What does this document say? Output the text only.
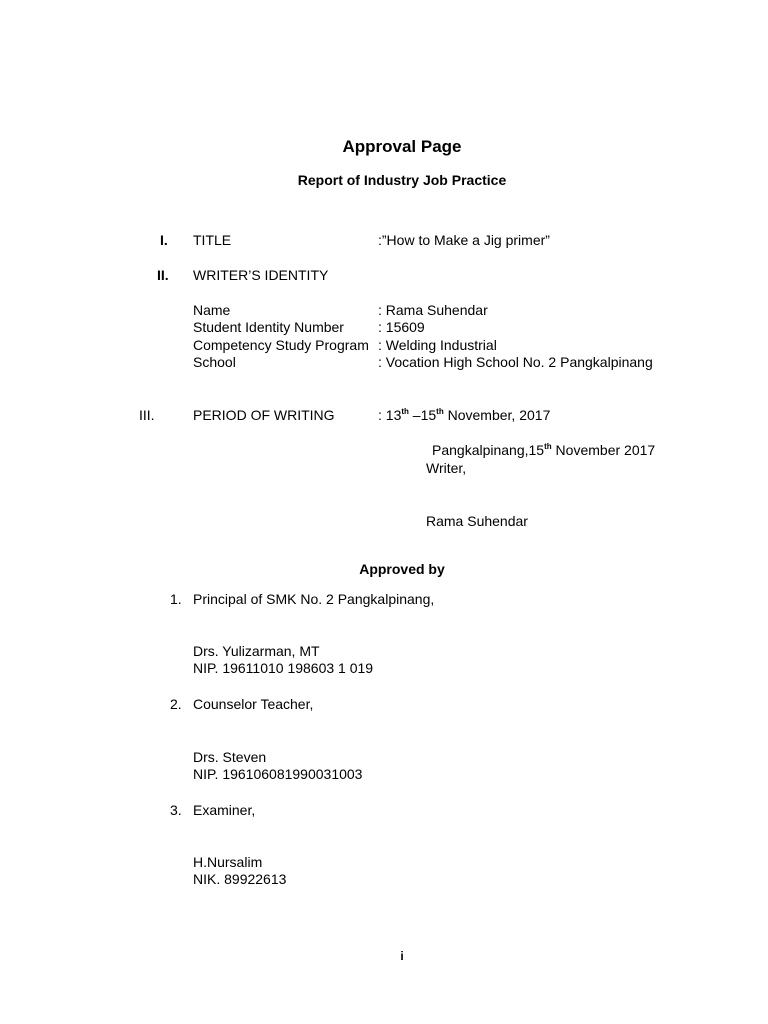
Approval Page
Report of Industry Job Practice
I. TITLE	:”How to Make a Jig primer”
II. WRITER’S IDENTITY
Name	: Rama Suhendar
Student Identity Number : 15609
Competency Study Program : Welding Industrial
School	: Vocation High School No. 2 Pangkalpinang
III.	PERIOD OF WRITING	: 13th –15th November, 2017
Pangkalpinang,15th November 2017
Writer,
Rama Suhendar
Approved by
1. Principal of SMK No. 2 Pangkalpinang,
Drs. Yulizarman, MT
NIP. 19611010 198603 1 019
2. Counselor Teacher,
Drs. Steven
NIP. 196106081990031003
3. Examiner,
H.Nursalim
NIK. 89922613
i
